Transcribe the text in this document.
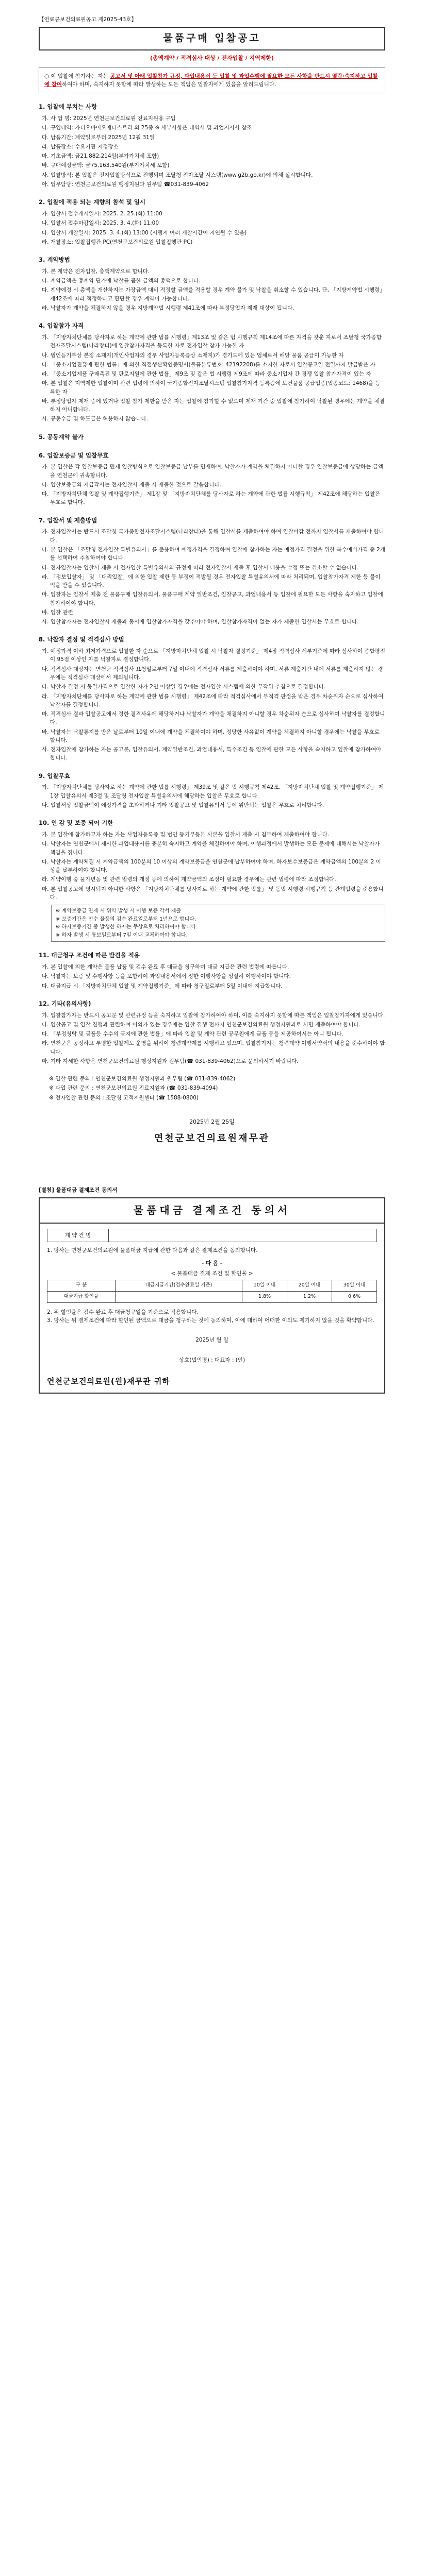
【연료공보건의료원공고 제2025-43호】
물품구매 입찰공고
(총액계약 / 적격심사 대상 / 전자입찰 / 지역제한)
○ 이 입찰에 참가하는 자는 공고서 및 아래 입찰참가 규정, 과업내용서 등 입찰 및 과업수행에 필요한 모든 사항을 반드시 열람·숙지하고 입찰에 참여하여야 하며, 숙지하지 못함에 따라 발생하는 모든 책임은 입찰자에게 있음을 알려드립니다.
1. 입찰에 부치는 사항
가. 사 업 명: 2025년 연천군보건의료원 진료지원용 구입
나. 구입내역: 가디오바이오메디스트리 외 25종 ※ 세부사항은 내역서 및 과업지시서 참조
다. 납품기간: 계약일로부터 2025년 12월 31일
라. 납품장소: 수요기관 지정장소
마. 기초금액: 금21,882,214원(부가가치세 포함)
바. 구매예정금액: 금75,163,540원(부가가치세 포함)
사. 입찰방식: 본 입찰은 전자입찰방식으로 진행되며 조달청 전자조달 시스템(www.g2b.go.kr)에 의해 실시합니다.
아. 업무담당: 연천군보건의료원 행정지원과 원무팀 ☎031-839-4062
2. 입찰에 적용 되는 계향의 참석 및 일시
가. 입찰서 접수개시일시: 2025. 2. 25.(화) 11:00
나. 입찰서 접수마감일시: 2025. 3. 4.(화) 11:00
다. 입찰서 개찰일시: 2025. 3. 4.(화) 13:00 (시행지 여러 개찰시간이 지연될 수 있음)
라. 개찰장소: 입찰집행관 PC(연천군보건의료원 입찰집행관 PC)
3. 계약방법
가. 본 계약은 전자입찰, 총액계약으로 합니다.
나. 계약금액은 총계약 단가에 낙찰률 곱한 금액의 총액으로 합니다.
다. 계약예정 시 총액을 개산하지는 가장금액 대비 적정할 금액을 적용할 경우 계약 불가 및 낙찰을 취소할 수 있습니다. 단, 「지방계약법 시행령」 제42조에 따라 적정하다고 판단할 경우 계약이 가능합니다.
라. 낙찰자가 계약을 체결하지 않을 경우 지방계약법 시행령 제41조에 따라 부정당업자 제재 대상이 됩니다.
4. 입찰참가 자격
가. 「지방자치단체를 당사자로 하는 계약에 관한 법률 시행령」제13조 및 같은 법 시행규칙 제14조에 따른 자격을 갖춘 자로서 조달청 국가종합전자조달시스템(나라장터)에 입찰참가자격을 등록한 자로 전자입찰 참가 가능한 자
나. 법인등기부상 본점 소재지(개인사업자의 경우 사업자등록증상 소재지)가 경기도에 있는 업체로서 해당 물품 공급이 가능한 자
다. 「중소기업진흥에 관한 법률」에 의한 직접생산확인증명서(물품분류번호: 42192208)를 소지한 자로서 입찰공고일 전일까지 발급받은 자
라. 「중소기업제품 구매촉진 및 판로지원에 관한 법률」제9조 및 같은 법 시행령 제9조에 따라 중소기업자 간 경쟁 입찰 참가자격이 있는 자
마. 본 입찰은 지역제한 입찰이며 관련 법령에 의하여 국가종합전자조달시스템 입찰참가자격 등록증에 보건물품 공급업종(업종코드: 1468)을 등록한 자
바. 부정당업자 제재 중에 있거나 입찰 참가 제한을 받은 자는 입찰에 참가할 수 없으며 제재 기간 중 입찰에 참가하여 낙찰된 경우에는 계약을 체결하지 아니합니다.
사. 공동수급 및 하도급은 허용하지 않습니다.
5. 공동계약 불가
6. 입찰보증금 및 입찰무효
가. 본 입찰은 각 입찰보증금 면제 입찰방식으로 입찰보증금 납부를 면제하며, 낙찰자가 계약을 체결하지 아니할 경우 입찰보증금에 상당하는 금액을 연천군에 귀속합니다.
나. 입찰보증금의 지급각서는 전자입찰서 제출 시 제출한 것으로 갈음합니다.
다. 「지방자치단체 입찰 및 계약집행기준」 제1장 및 「지방자치단체를 당사자로 하는 계약에 관한 법률 시행규칙」 제42조에 해당하는 입찰은 무효로 합니다.
7. 입찰서 및 제출방법
가. 전자입찰서는 반드시 조달청 국가종합전자조달시스템(나라장터)을 통해 입찰서를 제출하여야 하며 입찰마감 전까지 입찰서를 제출하여야 합니다.
나. 본 입찰은 「조달청 전자입찰 특별유의서」를 준용하여 예정가격을 결정하며 입찰에 참가하는 자는 예정가격 결정을 위한 복수예비가격 중 2개를 선택하여 추첨하여야 합니다.
다. 전자입찰자는 입찰서 제출 시 전자입찰 특별유의서의 규정에 따라 전자입찰서 제출 후 입찰서 내용을 수정 또는 취소할 수 없습니다.
라. 「정보입찰자」 및 「대리입찰」에 의한 입찰 제한 등 부정이 적발될 경우 전자입찰 특별유의서에 따라 처리되며, 입찰참가자격 제한 등 불이익을 받을 수 있습니다.
마. 입찰자는 입찰서 제출 전 물품구매 입찰유의서, 물품구매 계약 일반조건, 입찰공고, 과업내용서 등 입찰에 필요한 모든 사항을 숙지하고 입찰에 참가하여야 합니다.
바. 입찰 관련
사. 입찰참가자는 전자입찰서 제출과 동시에 입찰참가자격을 갖추어야 하며, 입찰참가자격이 없는 자가 제출한 입찰서는 무효로 합니다.
8. 낙찰자 결정 및 적격심사 방법
가. 예정가격 이하 최저가격으로 입찰한 자 순으로 「지방자치단체 입찰 시 낙찰자 결정기준」 제4장 적격심사 세부기준에 따라 심사하여 종합평점이 95점 이상인 자를 낙찰자로 결정합니다.
나. 적격심사 대상자는 연천군 적격심사 요청일로부터 7일 이내에 적격심사 서류를 제출하여야 하며, 서류 제출기간 내에 서류를 제출하지 않는 경우에는 적격심사 대상에서 제외됩니다.
다. 낙찰자 결정 시 동일가격으로 입찰한 자가 2인 이상일 경우에는 전자입찰 시스템에 의한 무작위 추첨으로 결정합니다.
라. 「지방자치단체를 당사자로 하는 계약에 관한 법률 시행령」 제42조에 따라 적격심사에서 부적격 판정을 받은 경우 차순위자 순으로 심사하여 낙찰자를 결정합니다.
마. 적격심사 결과 입찰공고에서 정한 결격사유에 해당하거나 낙찰자가 계약을 체결하지 아니할 경우 차순위자 순으로 심사하여 낙찰자를 결정합니다.
바. 낙찰자는 낙찰통지를 받은 날로부터 10일 이내에 계약을 체결하여야 하며, 정당한 사유없이 계약을 체결하지 아니할 경우에는 낙찰을 무효로 합니다.
사. 전자입찰에 참가하는 자는 공고문, 입찰유의서, 계약일반조건, 과업내용서, 특수조건 등 입찰에 관한 모든 사항을 숙지하고 입찰에 참가하여야 합니다.
9. 입찰무효
가. 「지방자치단체를 당사자로 하는 계약에 관한 법률 시행령」 제39조 및 같은 법 시행규칙 제42조, 「지방자치단체 입찰 및 계약집행기준」 제1장 입찰유의서 제3절 및 조달청 전자입찰 특별유의서에 해당하는 입찰은 무효로 합니다.
나. 입찰서상 입찰금액이 예정가격을 초과하거나 기타 입찰공고 및 입찰유의서 등에 위반되는 입찰은 무효로 처리합니다.
10. 인 감 및 보증 되어 기한
가. 본 입찰에 참가하고자 하는 자는 사업자등록증 및 법인 등기부등본 사본을 입찰서 제출 시 첨부하여 제출하여야 합니다.
나. 낙찰자는 연천군에서 제시한 과업내용서를 충분히 숙지하고 계약을 체결하여야 하며, 이행과정에서 발생하는 모든 문제에 대해서는 낙찰자가 책임을 집니다.
다. 낙찰자는 계약체결 시 계약금액의 100분의 10 이상의 계약보증금을 연천군에 납부하여야 하며, 하자보수보증금은 계약금액의 100분의 2 이상을 납부하여야 합니다.
라. 계약이행 중 물가변동 및 관련 법령의 개정 등에 의하여 계약금액의 조정이 필요한 경우에는 관련 법령에 따라 조정합니다.
마. 본 입찰공고에 명시되지 아니한 사항은 「지방자치단체를 당사자로 하는 계약에 관한 법률」 및 동법 시행령·시행규칙 등 관계법령을 준용합니다.
※ 계약보증금 면제 시 위약 발생 시 이행 보증 각서 제출
※ 보증기간은 인수 물품의 검수 완료일로부터 1년으로 합니다.
※ 하자보증기간 중 발생한 하자는 무상으로 처리하여야 합니다.
※ 하자 발생 시 통보일로부터 7일 이내 교체하여야 합니다.
11. 대금청구 조건에 따른 발견을 적용
가. 본 입찰에 의한 계약은 물품 납품 및 검수 완료 후 대금을 청구하며 대금 지급은 관련 법령에 따릅니다.
나. 낙찰자는 보증 및 수행사항 등을 포함하여 과업내용서에서 정한 이행사항을 성실히 이행하여야 합니다.
다. 대금지급 시 「지방자치단체 입찰 및 계약집행기준」에 따라 청구일로부터 5일 이내에 지급합니다.
12. 기타(유의사항)
가. 입찰참가자는 반드시 공고문 및 관련규정 등을 숙지하고 입찰에 참가하여야 하며, 이를 숙지하지 못함에 따른 책임은 입찰참가자에게 있습니다.
나. 입찰공고 및 입찰 진행과 관련하여 이의가 있는 경우에는 입찰 집행 전까지 연천군보건의료원 행정지원과로 서면 제출하여야 합니다.
다. 「부정청탁 및 금품등 수수의 금지에 관한 법률」에 따라 입찰 및 계약 관련 공무원에게 금품 등을 제공하여서는 아니 됩니다.
라. 연천군은 공정하고 투명한 입찰제도 운영을 위하여 청렴계약제를 시행하고 있으며, 입찰참가자는 청렴계약 이행서약서의 내용을 준수하여야 합니다.
마. 기타 자세한 사항은 연천군보건의료원 행정지원과 원무팀(☎ 031-839-4062)으로 문의하시기 바랍니다.
※ 입찰 관련 문의 : 연천군보건의료원 행정지원과 원무팀 (☎ 031-839-4062)
※ 과업 관련 문의 : 연천군보건의료원 진료지원과 (☎ 031-839-4094)
※ 전자입찰 관련 문의 : 조달청 고객지원센터 (☎ 1588-0800)
2025년 2월 25일
연천군보건의료원재무관
[별첨] 물품대금 결제조건 동의서
물품대금 결제조건 동의서
계 약 건 명	
1. 당사는 연천군보건의료원에 물품대금 지급에 관한 다음과 같은 결제조건을 동의합니다.
- 다 음 -
< 물품대금 결제 조건 및 할인율 >
구 분	대금지급기간(검수완료일 기준)	10일 이내	20일 이내	30일 이내
대금지급 할인율		1.8%	1.2%	0.6%
2. 위 할인율은 검수 완료 후 대금청구일을 기준으로 적용합니다.
3. 당사는 위 결제조건에 따라 할인된 금액으로 대금을 청구하는 것에 동의하며, 이에 대하여 어떠한 이의도 제기하지 않을 것을 확약합니다.
2025년 월 일
상호(법인명) : 대표자 : (인)
연천군보건의료원(원)재무관 귀하
